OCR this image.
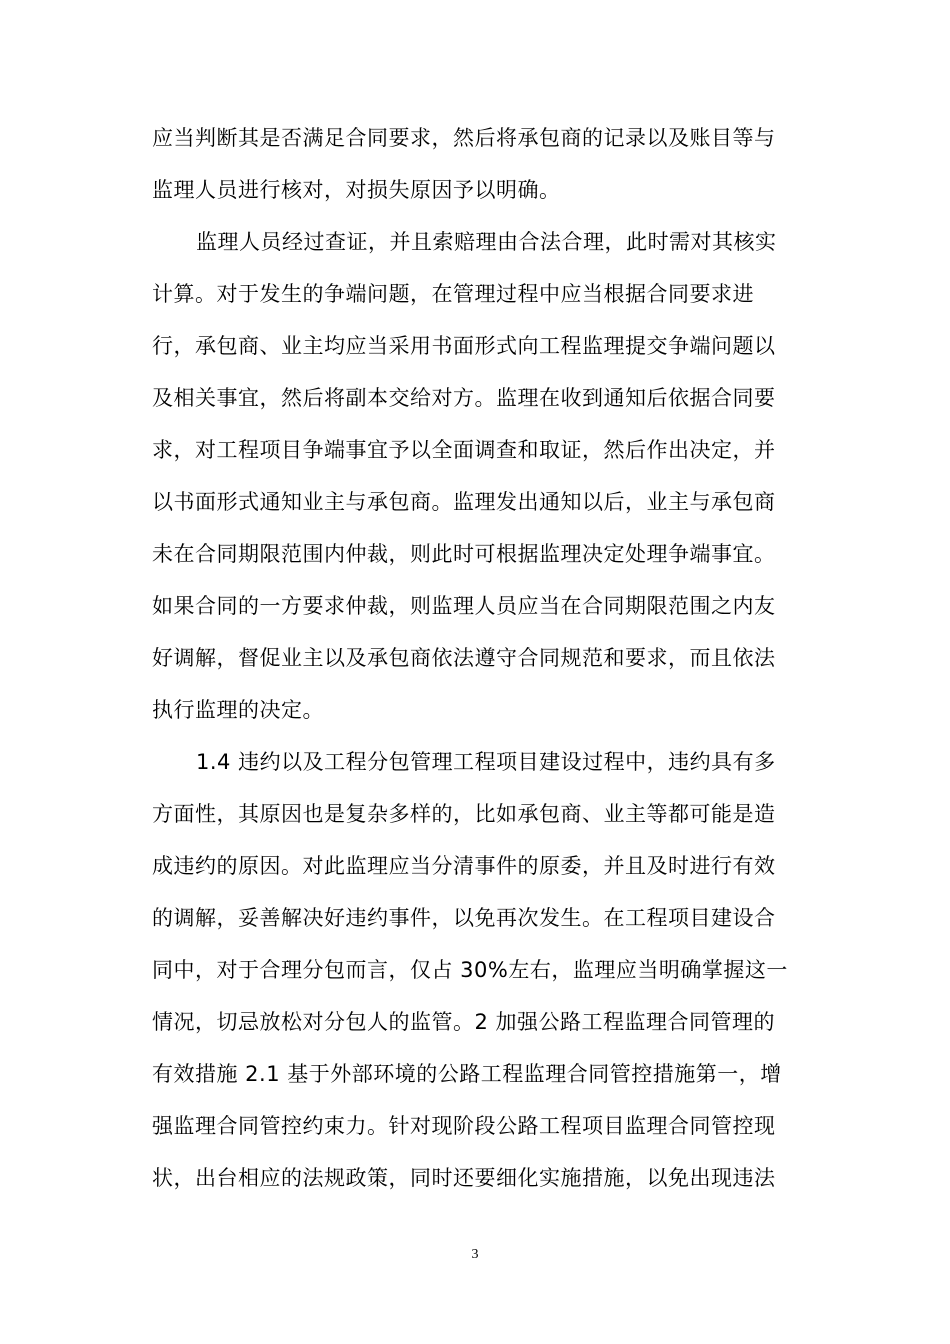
应当判断其是否满足合同要求，然后将承包商的记录以及账目等与
监理人员进行核对，对损失原因予以明确。
监理人员经过查证，并且索赔理由合法合理，此时需对其核实
计算。对于发生的争端问题，在管理过程中应当根据合同要求进
行，承包商、业主均应当采用书面形式向工程监理提交争端问题以
及相关事宜，然后将副本交给对方。监理在收到通知后依据合同要
求，对工程项目争端事宜予以全面调查和取证，然后作出决定，并
以书面形式通知业主与承包商。监理发出通知以后，业主与承包商
未在合同期限范围内仲裁，则此时可根据监理决定处理争端事宜。
如果合同的一方要求仲裁，则监理人员应当在合同期限范围之内友
好调解，督促业主以及承包商依法遵守合同规范和要求，而且依法
执行监理的决定。
1.4 违约以及工程分包管理工程项目建设过程中，违约具有多
方面性，其原因也是复杂多样的，比如承包商、业主等都可能是造
成违约的原因。对此监理应当分清事件的原委，并且及时进行有效
的调解，妥善解决好违约事件，以免再次发生。在工程项目建设合
同中，对于合理分包而言，仅占 30%左右，监理应当明确掌握这一
情况，切忌放松对分包人的监管。2 加强公路工程监理合同管理的
有效措施 2.1 基于外部环境的公路工程监理合同管控措施第一，增
强监理合同管控约束力。针对现阶段公路工程项目监理合同管控现
状，出台相应的法规政策，同时还要细化实施措施，以免出现违法
3
